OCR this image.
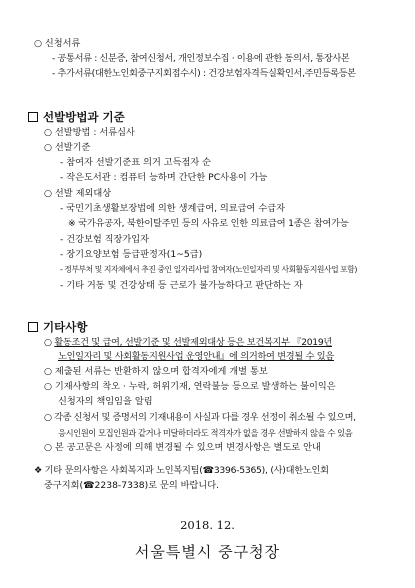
○ 신청서류
- 공통서류 : 신분증, 참여신청서, 개인정보수집 · 이용에 관한 동의서, 통장사본
- 추가서류(대한노인회중구지회접수시) : 건강보험자격득실확인서,주민등록등본
선발방법과 기준
○ 선발방법 : 서류심사
○ 선발기준
- 참여자 선발기준표 의거 고득점자 순
- 작은도서관 : 컴퓨터 능하며 간단한 PC사용이 가능
○ 선발 제외대상
- 국민기초생활보장법에 의한 생계급여, 의료급여 수급자
※ 국가유공자, 북한이탈주민 등의 사유로 인한 의료급여 1종은 참여가능
- 건강보험 직장가입자
- 장기요양보험 등급판정자(1~5급)
- 정부부처 및 지자체에서 추진 중인 일자리사업 참여자(노인일자리 및 사회활동지원사업 포함)
- 기타 거동 및 건강상태 등 근로가 불가능하다고 판단하는 자
기타사항
○ 활동조건 및 급여, 선발기준 및 선발제외대상 등은 보건복지부 『2019년
노인일자리 및 사회활동지원사업 운영안내』에 의거하여 변경될 수 있음
○ 제출된 서류는 반환하지 않으며 합격자에게 개별 통보
○ 기재사항의 착오 · 누락, 허위기재, 연락불능 등으로 발생하는 불이익은
신청자의 책임임을 알림
○ 각종 신청서 및 증명서의 기재내용이 사실과 다를 경우 선정이 취소될 수 있으며,
응시인원이 모집인원과 같거나 미달하더라도 적격자가 없을 경우 선발하지 않을 수 있음
○ 본 공고문은 사정에 의해 변경될 수 있으며 변경사항은 별도로 안내
❖ 기타 문의사항은 사회복지과 노인복지팀(☎3396-5365), (사)대한노인회
중구지회(☎2238-7338)로 문의 바랍니다.
2018. 12.
서울특별시 중구청장
